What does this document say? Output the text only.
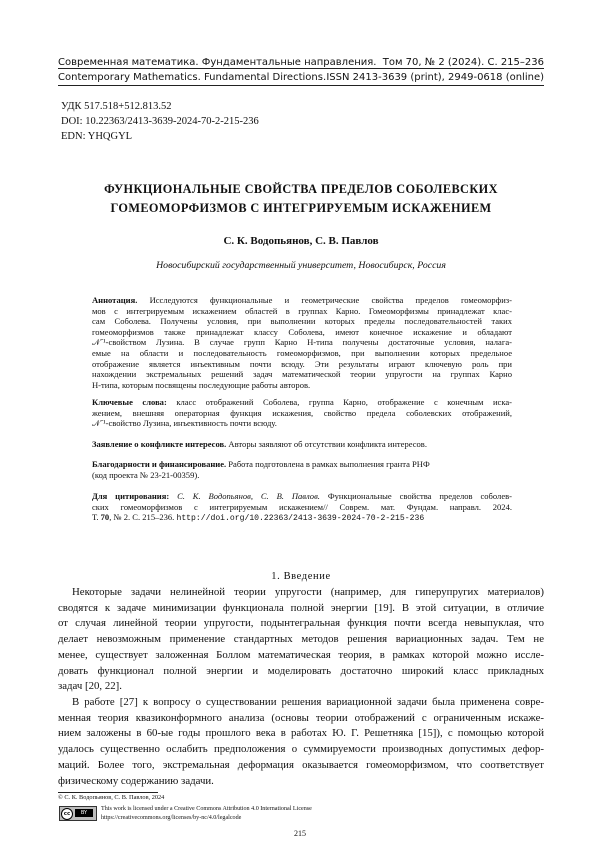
Современная математика. Фундаментальные направления. Том 70, № 2 (2024). С. 215–236
Contemporary Mathematics. Fundamental Directions. ISSN 2413-3639 (print), 2949-0618 (online)
УДК 517.518+512.813.52
DOI: 10.22363/2413-3639-2024-70-2-215-236
EDN: YHQGYL
ФУНКЦИОНАЛЬНЫЕ СВОЙСТВА ПРЕДЕЛОВ СОБОЛЕВСКИХ
ГОМЕОМОРФИЗМОВ С ИНТЕГРИРУЕМЫМ ИСКАЖЕНИЕМ
С. К. Водопьянов, С. В. Павлов
Новосибирский государственный университет, Новосибирск, Россия
Аннотация. Исследуются функциональные и геометрические свойства пределов гомеоморфиз-
мов с интегрируемым искажением областей в группах Карно. Гомеоморфизмы принадлежат клас-
сам Соболева. Получены условия, при выполнении которых пределы последовательностей таких
гомеоморфизмов также принадлежат классу Соболева, имеют конечное искажение и обладают
𝒩⁻¹-свойством Лузина. В случае групп Карно H-типа получены достаточные условия, налага-
емые на области и последовательность гомеоморфизмов, при выполнении которых предельное
отображение является инъективным почти всюду. Эти результаты играют ключевую роль при
нахождении экстремальных решений задач математической теории упругости на группах Карно
H-типа, которым посвящены последующие работы авторов.
Ключевые слова: класс отображений Соболева, группа Карно, отображение с конечным иска-
жением, внешняя операторная функция искажения, свойство предела соболевских отображений,
𝒩⁻¹-свойство Лузина, инъективность почти всюду.
Заявление о конфликте интересов. Авторы заявляют об отсутствии конфликта интересов.
Благодарности и финансирование. Работа подготовлена в рамках выполнения гранта РНФ
(код проекта № 23-21-00359).
Для цитирования: С. К. Водопьянов, С. В. Павлов. Функциональные свойства пределов соболев-
ских гомеоморфизмов с интегрируемым искажением// Соврем. мат. Фундам. направл. 2024.
Т. 70, № 2. С. 215–236. http://doi.org/10.22363/2413-3639-2024-70-2-215-236
1. Введение
Некоторые задачи нелинейной теории упругости (например, для гиперупругих материалов)
сводятся к задаче минимизации функционала полной энергии [19]. В этой ситуации, в отличие
от случая линейной теории упругости, подынтегральная функция почти всегда невыпуклая, что
делает невозможным применение стандартных методов решения вариационных задач. Тем не
менее, существует заложенная Боллом математическая теория, в рамках которой можно иссле-
довать функционал полной энергии и моделировать достаточно широкий класс прикладных
задач [20, 22].
В работе [27] к вопросу о существовании решения вариационной задачи была применена совре-
менная теория квазиконформного анализа (основы теории отображений с ограниченным искаже-
нием заложены в 60-ые годы прошлого века в работах Ю. Г. Решетняка [15]), с помощью которой
удалось существенно ослабить предположения о суммируемости производных допустимых дефор-
маций. Более того, экстремальная деформация оказывается гомеоморфизмом, что соответствует
физическому содержанию задачи.
© С. К. Водопьянов, С. В. Павлов, 2024
cc	BY
This work is licensed under a Creative Commons Attribution 4.0 International License
https://creativecommons.org/licenses/by-nc/4.0/legalcode
215
